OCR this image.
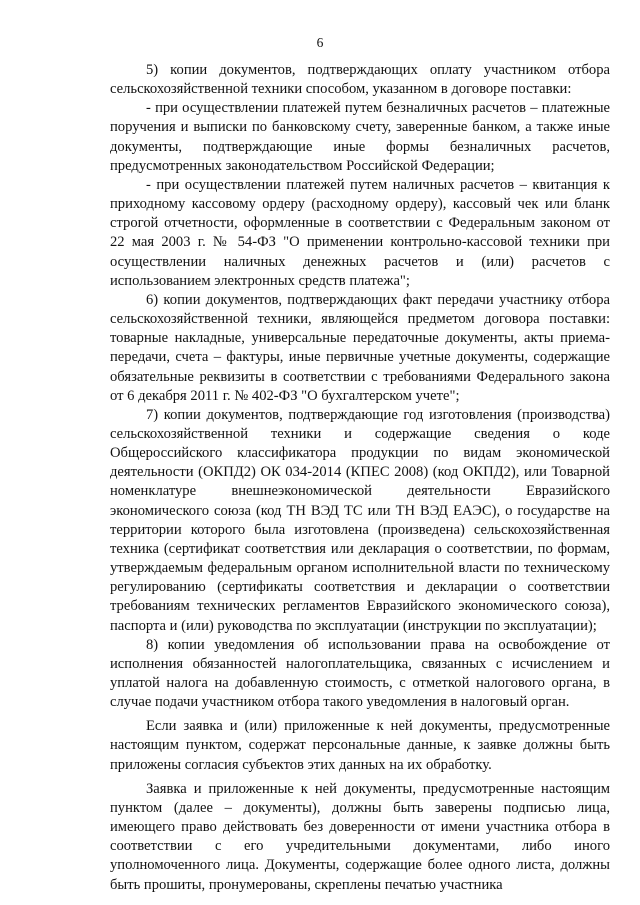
6

5) копии документов, подтверждающих оплату участником отбора сельскохозяйственной техники способом, указанном в договоре поставки:

- при осуществлении платежей путем безналичных расчетов – платежные поручения и выписки по банковскому счету, заверенные банком, а также иные документы, подтверждающие иные формы безналичных расчетов, предусмотренных законодательством Российской Федерации;

- при осуществлении платежей путем наличных расчетов – квитанция к приходному кассовому ордеру (расходному ордеру), кассовый чек или бланк строгой отчетности, оформленные в соответствии с Федеральным законом от 22 мая 2003 г. № 54-ФЗ "О применении контрольно-кассовой техники при осуществлении наличных денежных расчетов и (или) расчетов с использованием электронных средств платежа";

6) копии документов, подтверждающих факт передачи участнику отбора сельскохозяйственной техники, являющейся предметом договора поставки: товарные накладные, универсальные передаточные документы, акты приема-передачи, счета – фактуры, иные первичные учетные документы, содержащие обязательные реквизиты в соответствии с требованиями Федерального закона от 6 декабря 2011 г. № 402-ФЗ "О бухгалтерском учете";

7) копии документов, подтверждающие год изготовления (производства) сельскохозяйственной техники и содержащие сведения о коде Общероссийского классификатора продукции по видам экономической деятельности (ОКПД2) ОК 034-2014 (КПЕС 2008) (код ОКПД2), или Товарной номенклатуре внешнеэкономической деятельности Евразийского экономического союза (код ТН ВЭД ТС или ТН ВЭД ЕАЭС), о государстве на территории которого была изготовлена (произведена) сельскохозяйственная техника (сертификат соответствия или декларация о соответствии, по формам, утверждаемым федеральным органом исполнительной власти по техническому регулированию (сертификаты соответствия и декларации о соответствии требованиям технических регламентов Евразийского экономического союза), паспорта и (или) руководства по эксплуатации (инструкции по эксплуатации);

8) копии уведомления об использовании права на освобождение от исполнения обязанностей налогоплательщика, связанных с исчислением и уплатой налога на добавленную стоимость, с отметкой налогового органа, в случае подачи участником отбора такого уведомления в налоговый орган.

Если заявка и (или) приложенные к ней документы, предусмотренные настоящим пунктом, содержат персональные данные, к заявке должны быть приложены согласия субъектов этих данных на их обработку.

Заявка и приложенные к ней документы, предусмотренные настоящим пунктом (далее – документы), должны быть заверены подписью лица, имеющего право действовать без доверенности от имени участника отбора в соответствии с его учредительными документами, либо иного уполномоченного лица. Документы, содержащие более одного листа, должны быть прошиты, пронумерованы, скреплены печатью участника
